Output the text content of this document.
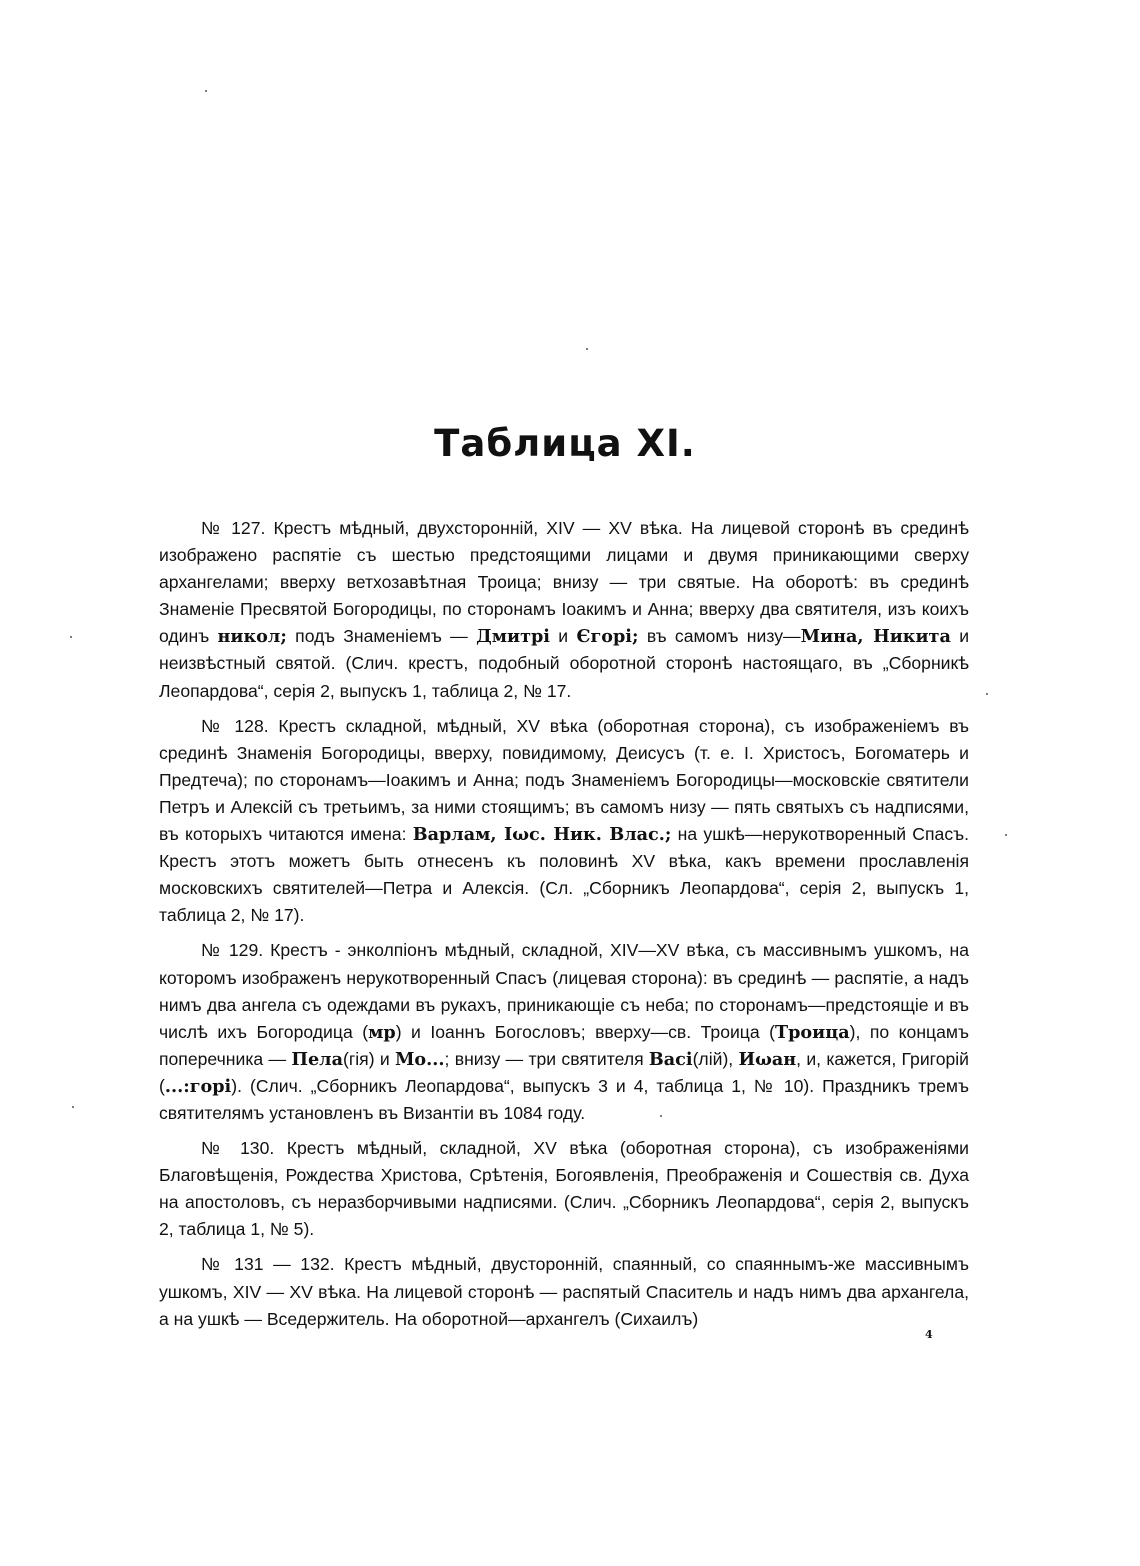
Таблица XI.

№ 127. Крестъ мѣдный, двухсторонній, XIV — XV вѣка. На лицевой сторонѣ въ срединѣ изображено распятіе съ шестью предстоящими лицами и двумя приникающими сверху архангелами; вверху ветхозавѣтная Троица; внизу — три святые. На оборотѣ: въ срединѣ Знаменіе Пресвятой Богородицы, по сторонамъ Іоакимъ и Анна; вверху два святителя, изъ коихъ одинъ никол; подъ Знаменіемъ — Дмитрі и Єгорі; въ самомъ низу—Мина, Никита и неизвѣстный святой. (Слич. крестъ, подобный оборотной сторонѣ настоящаго, въ „Сборникѣ Леопардова“, серія 2, выпускъ 1, таблица 2, № 17.

№ 128. Крестъ складной, мѣдный, XV вѣка (оборотная сторона), съ изображеніемъ въ срединѣ Знаменія Богородицы, вверху, повидимому, Деисусъ (т. е. І. Христосъ, Богоматерь и Предтеча); по сторонамъ—Іоакимъ и Анна; подъ Знаменіемъ Богородицы—московскіе святители Петръ и Алексій съ третьимъ, за ними стоящимъ; въ самомъ низу — пять святыхъ съ надписями, въ которыхъ читаются имена: Варлам, Іωс. Ник. Влас.; на ушкѣ—нерукотворенный Спасъ. Крестъ этотъ можетъ быть отнесенъ къ половинѣ XV вѣка, какъ времени прославленія московскихъ святителей—Петра и Алексія. (Сл. „Сборникъ Леопардова“, серія 2, выпускъ 1, таблица 2, № 17).

№ 129. Крестъ - энколпіонъ мѣдный, складной, XIV—XV вѣка, съ массивнымъ ушкомъ, на которомъ изображенъ нерукотворенный Спасъ (лицевая сторона): въ срединѣ — распятіе, а надъ нимъ два ангела съ одеждами въ рукахъ, приникающіе съ неба; по сторонамъ—предстоящіе и въ числѣ ихъ Богородица (мр) и Іоаннъ Богословъ; вверху—св. Троица (Троица), по концамъ поперечника — Пела(гія) и Мо...; внизу — три святителя Васі(лій), Иωан, и, кажется, Григорій (...:горі). (Слич. „Сборникъ Леопардова“, выпускъ 3 и 4, таблица 1, № 10). Праздникъ тремъ святителямъ установленъ въ Византіи въ 1084 году.

№ 130. Крестъ мѣдный, складной, XV вѣка (оборотная сторона), съ изображеніями Благовѣщенія, Рождества Христова, Срѣтенія, Богоявленія, Преображенія и Сошествія св. Духа на апостоловъ, съ неразборчивыми надписями. (Слич. „Сборникъ Леопардова“, серія 2, выпускъ 2, таблица 1, № 5).

№ 131 — 132. Крестъ мѣдный, двусторонній, спаянный, со спаяннымъ-же массивнымъ ушкомъ, XIV — XV вѣка. На лицевой сторонѣ — распятый Спаситель и надъ нимъ два архангела, а на ушкѣ — Вседержитель. На оборотной—архангелъ (Сихаилъ)

4
